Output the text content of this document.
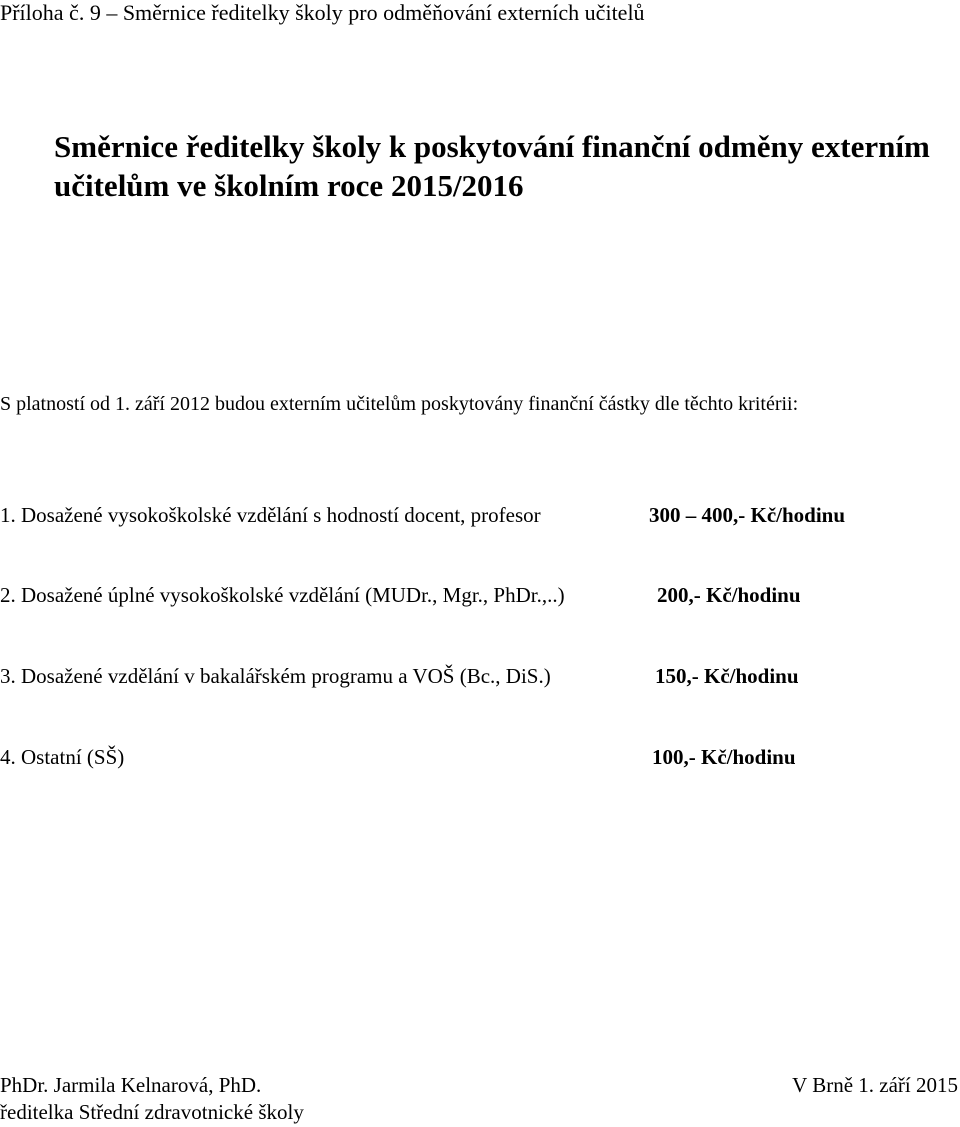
Příloha č. 9 – Směrnice ředitelky školy pro odměňování externích učitelů
Směrnice ředitelky školy k poskytování finanční odměny externím
učitelům ve školním roce 2015/2016
S platností od 1. září 2012 budou externím učitelům poskytovány finanční částky dle těchto kritérii:
1. Dosažené vysokoškolské vzdělání s hodností docent, profesor	300 – 400,- Kč/hodinu
2. Dosažené úplné vysokoškolské vzdělání (MUDr., Mgr., PhDr.,..)	200,- Kč/hodinu
3. Dosažené vzdělání v bakalářském programu a VOŠ (Bc., DiS.)	150,- Kč/hodinu
4. Ostatní (SŠ)	100,- Kč/hodinu
PhDr. Jarmila Kelnarová, PhD.	V Brně 1. září 2015
ředitelka Střední zdravotnické školy
